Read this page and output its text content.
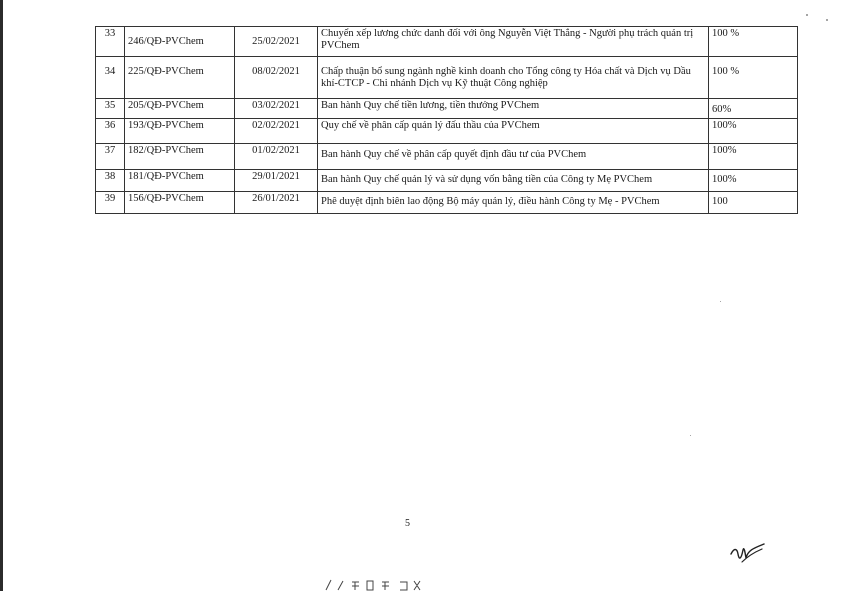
33	246/QĐ-PVChem	25/02/2021	Chuyển xếp lương chức danh đối với ông Nguyễn Việt Thắng - Người phụ trách quản trị PVChem	100 %
34	225/QĐ-PVChem	08/02/2021	Chấp thuận bổ sung ngành nghề kinh doanh cho Tổng công ty Hóa chất và Dịch vụ Dầu khí-CTCP - Chi nhánh Dịch vụ Kỹ thuật Công nghiệp	100 %
35	205/QĐ-PVChem	03/02/2021	Ban hành Quy chế tiền lương, tiền thưởng PVChem	60%
36	193/QĐ-PVChem	02/02/2021	Quy chế về phân cấp quản lý đấu thầu của PVChem	100%
37	182/QĐ-PVChem	01/02/2021	Ban hành Quy chế về phân cấp quyết định đầu tư của PVChem	100%
38	181/QĐ-PVChem	29/01/2021	Ban hành Quy chế quản lý và sử dụng vốn bằng tiền của Công ty Mẹ PVChem	100%
39	156/QĐ-PVChem	26/01/2021	Phê duyệt định biên lao động Bộ máy quản lý, điều hành Công ty Mẹ - PVChem	100
5
